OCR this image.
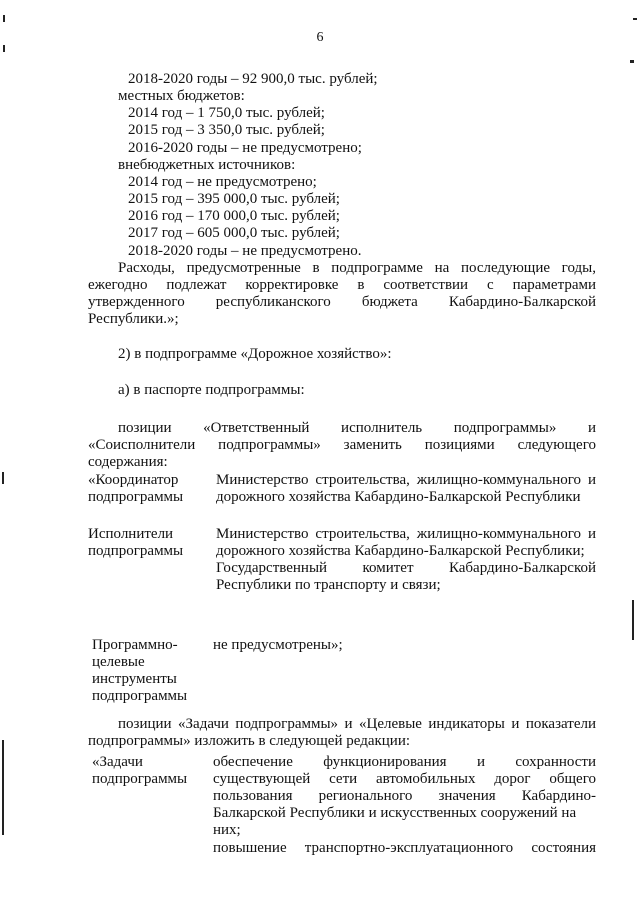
6
2018-2020 годы – 92 900,0 тыс. рублей;
местных бюджетов:
2014 год – 1 750,0 тыс. рублей;
2015 год – 3 350,0 тыс. рублей;
2016-2020 годы – не предусмотрено;
внебюджетных источников:
2014 год – не предусмотрено;
2015 год – 395 000,0 тыс. рублей;
2016 год – 170 000,0 тыс. рублей;
2017 год – 605 000,0 тыс. рублей;
2018-2020 годы – не предусмотрено.
Расходы, предусмотренные в подпрограмме на последующие годы,
ежегодно подлежат корректировке в соответствии с параметрами
утвержденного республиканского бюджета Кабардино-Балкарской
Республики.»;
2) в подпрограмме «Дорожное хозяйство»:
а) в паспорте подпрограммы:
позиции «Ответственный исполнитель подпрограммы» и
«Соисполнители подпрограммы» заменить позициями следующего
содержания:
«Координатор
подпрограммы
Министерство строительства, жилищно-коммунального и
дорожного хозяйства Кабардино-Балкарской Республики
Исполнители
подпрограммы
Министерство строительства, жилищно-коммунального и
дорожного хозяйства Кабардино-Балкарской Республики;
Государственный комитет Кабардино-Балкарской
Республики по транспорту и связи;
Программно-
целевые
инструменты
подпрограммы
не предусмотрены»;
позиции «Задачи подпрограммы» и «Целевые индикаторы и показатели
подпрограммы» изложить в следующей редакции:
«Задачи
подпрограммы
обеспечение функционирования и сохранности
существующей сети автомобильных дорог общего
пользования регионального значения Кабардино-
Балкарской Республики и искусственных сооружений на
них;
повышение транспортно-эксплуатационного состояния
